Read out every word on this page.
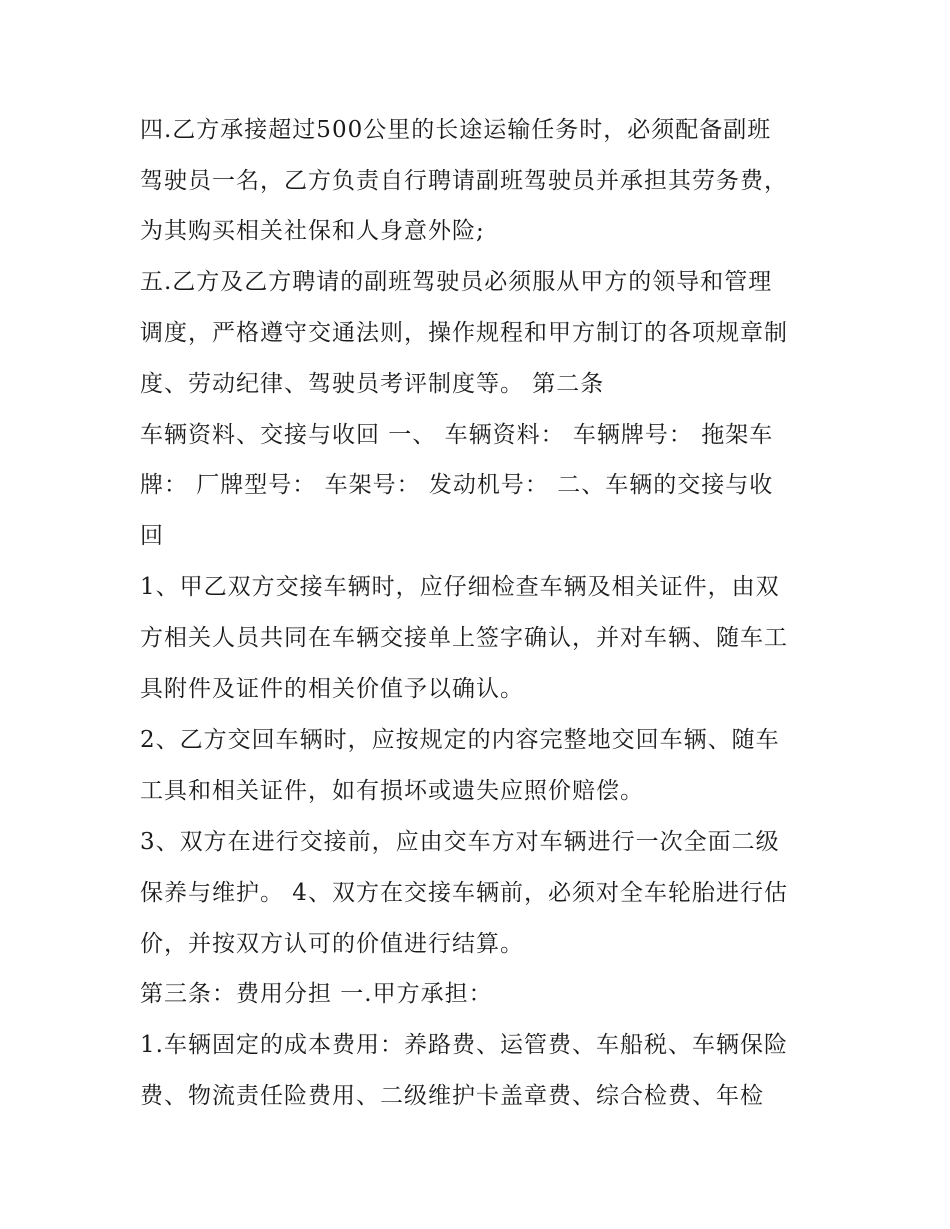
四.乙方承接超过500公里的长途运输任务时，必须配备副班
驾驶员一名，乙方负责自行聘请副班驾驶员并承担其劳务费，
为其购买相关社保和人身意外险;
五.乙方及乙方聘请的副班驾驶员必须服从甲方的领导和管理
调度，严格遵守交通法则，操作规程和甲方制订的各项规章制
度、劳动纪律、驾驶员考评制度等。 第二条
车辆资料、交接与收回 一、 车辆资料： 车辆牌号： 拖架车
牌： 厂牌型号： 车架号： 发动机号： 二、车辆的交接与收
回
1、甲乙双方交接车辆时，应仔细检查车辆及相关证件，由双
方相关人员共同在车辆交接单上签字确认，并对车辆、随车工
具附件及证件的相关价值予以确认。
2、乙方交回车辆时，应按规定的内容完整地交回车辆、随车
工具和相关证件，如有损坏或遗失应照价赔偿。
3、双方在进行交接前，应由交车方对车辆进行一次全面二级
保养与维护。 4、双方在交接车辆前，必须对全车轮胎进行估
价，并按双方认可的价值进行结算。
第三条：费用分担 一.甲方承担：
1.车辆固定的成本费用：养路费、运管费、车船税、车辆保险
费、物流责任险费用、二级维护卡盖章费、综合检费、年检
